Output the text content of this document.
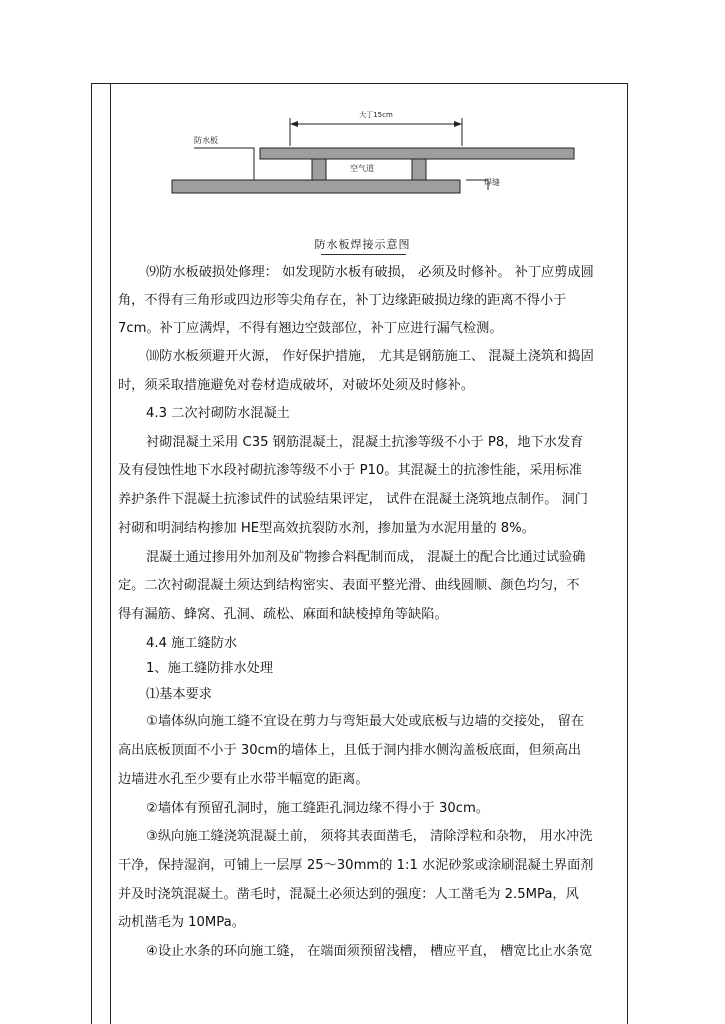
大丁15cm
防水板
空气道
焊缝
防水板焊接示意图
⑼防水板破损处修理： 如发现防水板有破损， 必须及时修补。 补丁应剪成圆
角，不得有三角形或四边形等尖角存在，补丁边缘距破损边缘的距离不得小于
7cm。补丁应满焊，不得有翘边空鼓部位，补丁应进行漏气检测。
⑽防水板须避开火源， 作好保护措施， 尤其是钢筋施工、 混凝土浇筑和捣固
时，须采取措施避免对卷材造成破坏，对破坏处须及时修补。
4.3 二次衬砌防水混凝土
衬砌混凝土采用 C35 钢筋混凝土，混凝土抗渗等级不小于 P8，地下水发育
及有侵蚀性地下水段衬砌抗渗等级不小于 P10。其混凝土的抗渗性能，采用标准
养护条件下混凝土抗渗试件的试验结果评定， 试件在混凝土浇筑地点制作。 洞门
衬砌和明洞结构掺加 HE型高效抗裂防水剂，掺加量为水泥用量的 8%。
混凝土通过掺用外加剂及矿物掺合料配制而成， 混凝土的配合比通过试验确
定。二次衬砌混凝土须达到结构密实、表面平整光滑、曲线圆顺、颜色均匀，不
得有漏筋、蜂窝、孔洞、疏松、麻面和缺棱掉角等缺陷。
4.4 施工缝防水
1、施工缝防排水处理
⑴基本要求
①墙体纵向施工缝不宜设在剪力与弯矩最大处或底板与边墙的交接处， 留在
高出底板顶面不小于 30cm的墙体上，且低于洞内排水侧沟盖板底面，但须高出
边墙进水孔至少要有止水带半幅宽的距离。
②墙体有预留孔洞时，施工缝距孔洞边缘不得小于 30cm。
③纵向施工缝浇筑混凝土前， 须将其表面凿毛， 清除浮粒和杂物， 用水冲洗
干净，保持湿润，可铺上一层厚 25～30mm的 1:1 水泥砂浆或涂刷混凝土界面剂
并及时浇筑混凝土。凿毛时，混凝土必须达到的强度：人工凿毛为 2.5MPa，风
动机凿毛为 10MPa。
④设止水条的环向施工缝， 在端面须预留浅槽， 槽应平直， 槽宽比止水条宽
